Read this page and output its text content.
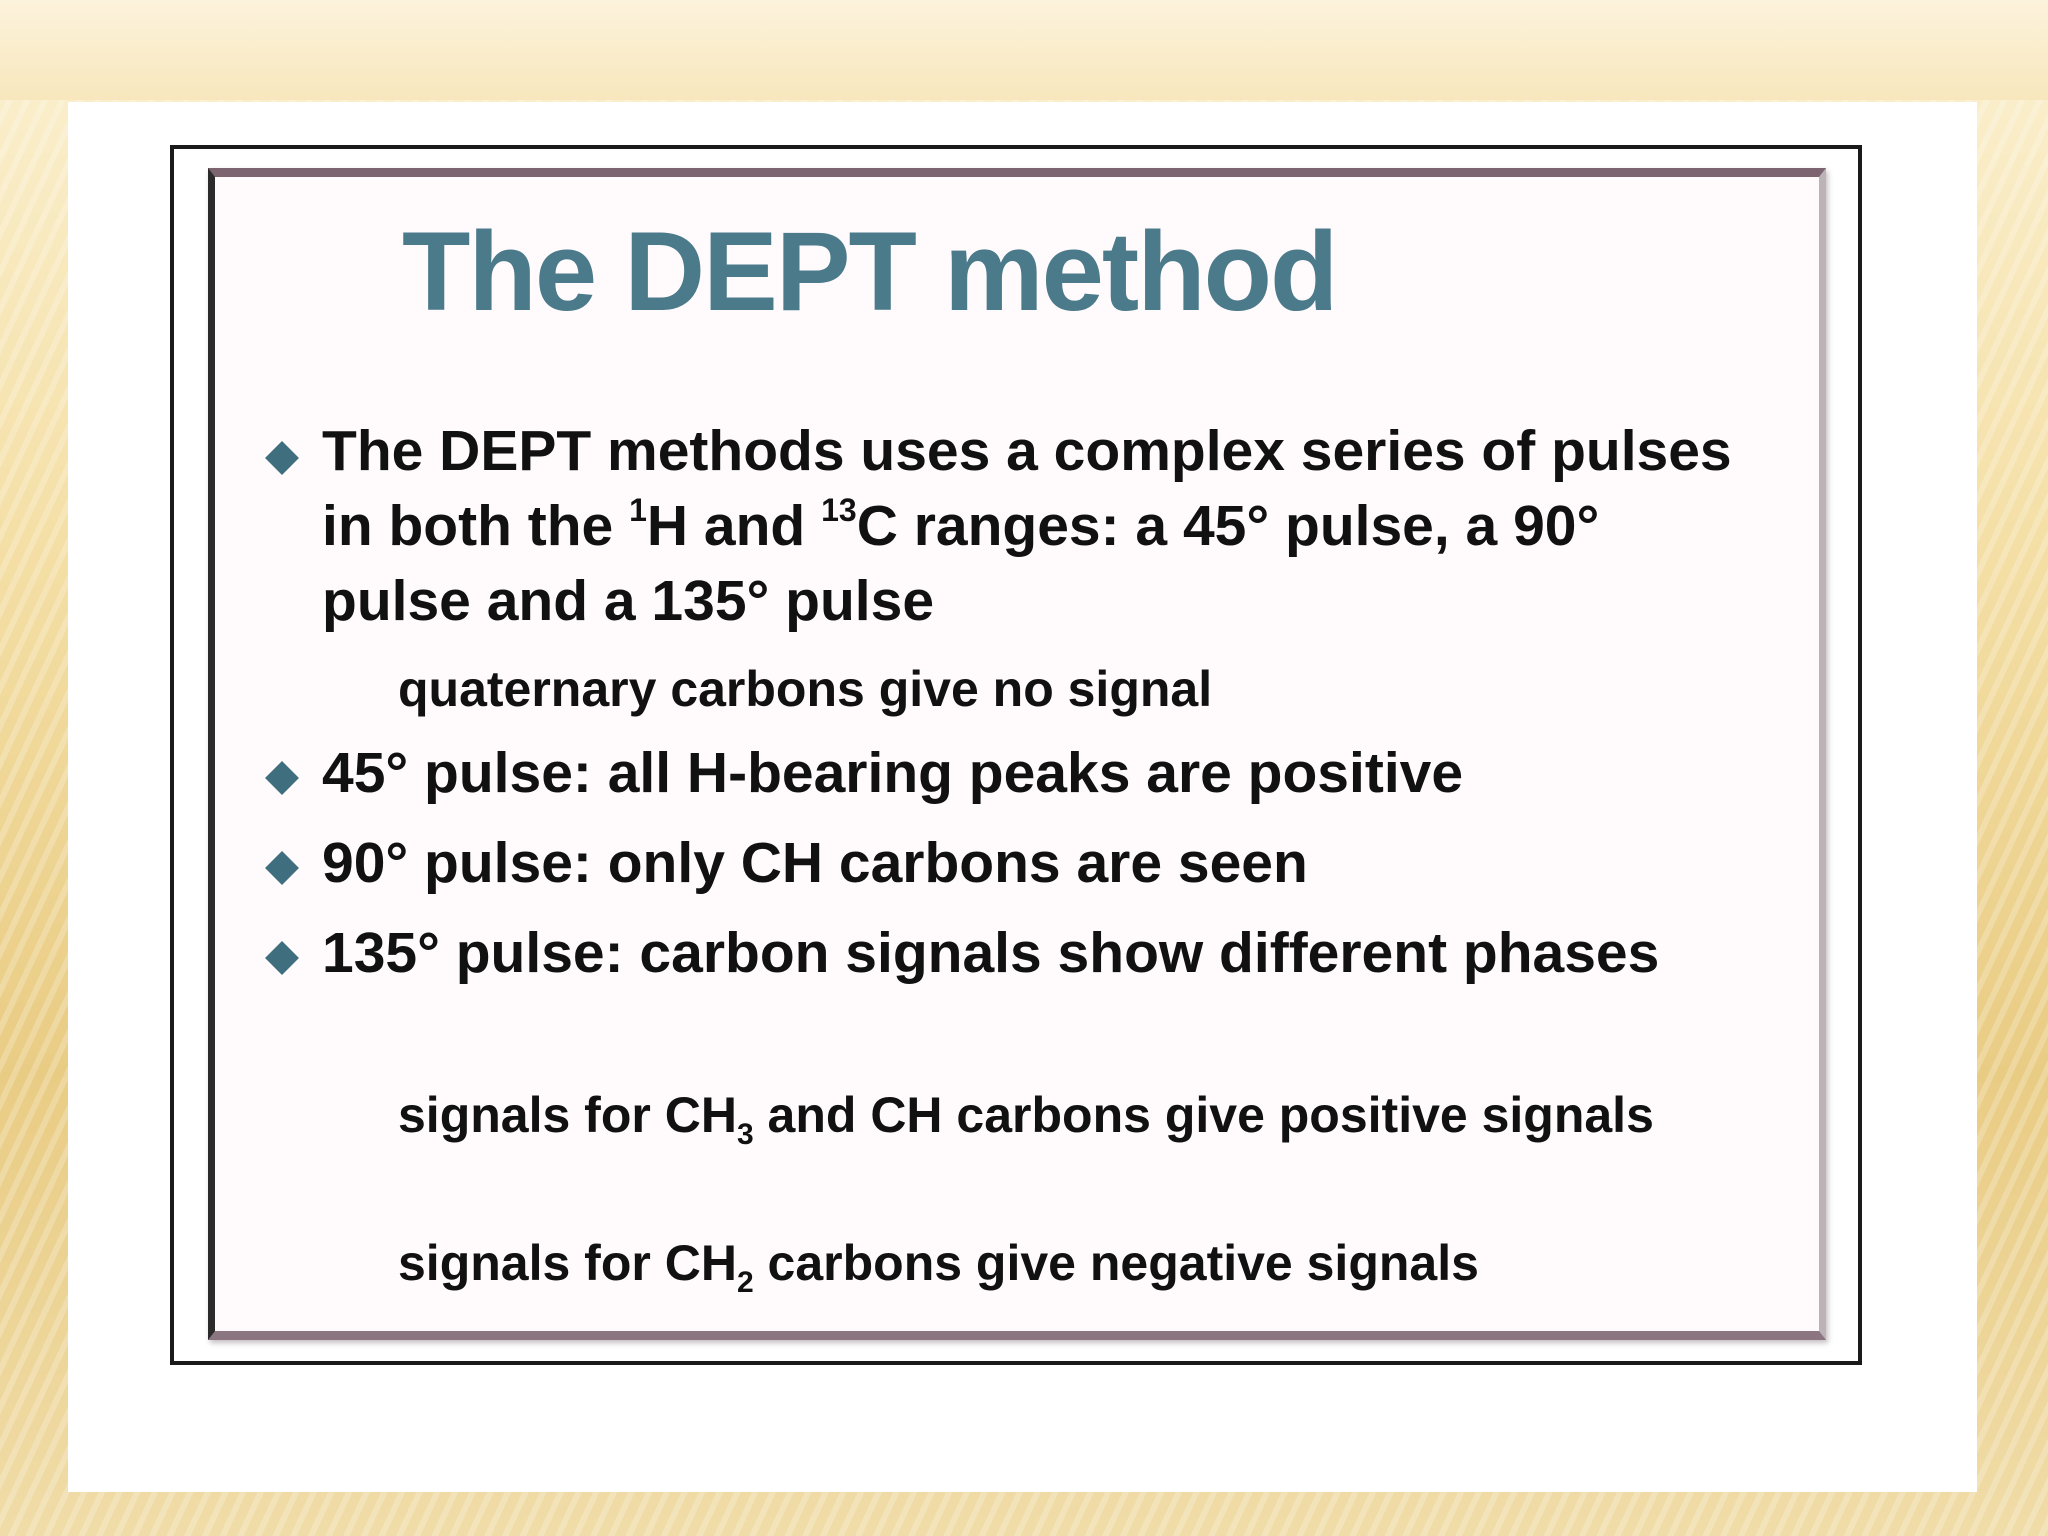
The DEPT method
The DEPT methods uses a complex series of pulses in both the $^1$H and $^{13}$C ranges: a 45° pulse, a 90° pulse and a 135° pulse
quaternary carbons give no signal
45° pulse: all H-bearing peaks are positive
90° pulse: only CH carbons are seen
135° pulse: carbon signals show different phases
signals for $CH_3$ and CH carbons give positive signals
signals for $CH_2$ carbons give negative signals
